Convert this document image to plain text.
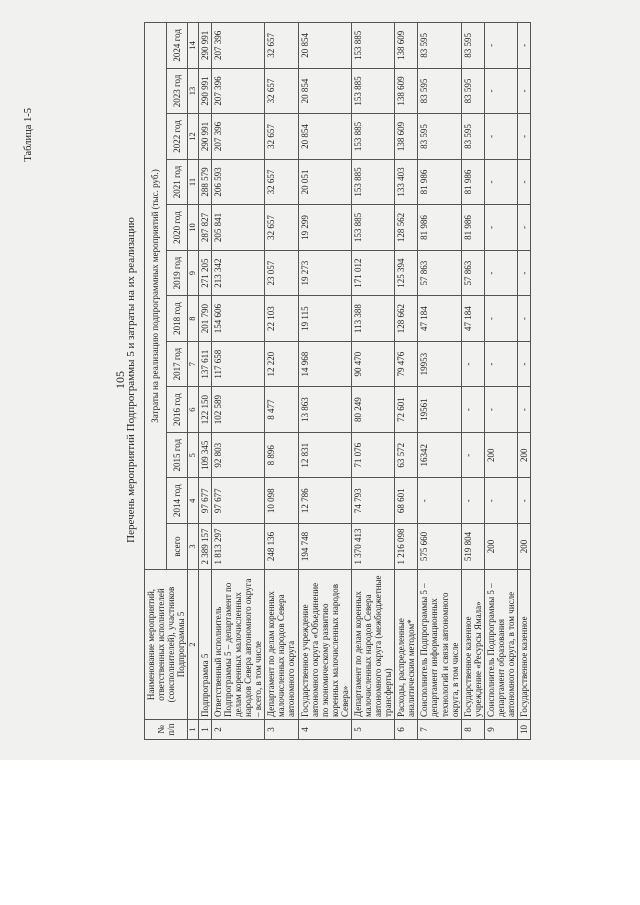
Таблица 1-5
105
Перечень мероприятий Подпрограммы 5 и затраты на их реализацию
№ п/п	Наименование мероприятий, ответственных исполнителей (соисполнителей), участников Подпрограммы 5	Затраты на реализацию подпрограммных мероприятий (тыс. руб.)											
		всего	2014 год	2015 год	2016 год	2017 год	2018 год	2019 год	2020 год	2021 год	2022 год	2023 год	2024 год
1	2	3	4	5	6	7	8	9	10	11	12	13	14
1	Подпрограмма 5	2 389 157	97 677	109 345	122 150	137 611	201 790	271 205	287 827	288 579	290 991	290 991	290 991
2	Ответственный исполнитель Подпрограммы 5 – департамент по делам коренных малочисленных народов Севера автономного округа – всего, в том числе	1 813 297	97 677	92 803	102 589	117 658	154 606	213 342	205 841	206 593	207 396	207 396	207 396
3	Департамент по делам коренных малочисленных народов Севера автономного округа	248 136	10 098	8 896	8 477	12 220	22 103	23 057	32 657	32 657	32 657	32 657	32 657
4	Государственное учреждение автономного округа «Объединение по экономическому развитию коренных малочисленных народов Севера»	194 748	12 786	12 831	13 863	14 968	19 115	19 273	19 299	20 051	20 854	20 854	20 854
5	Департамент по делам коренных малочисленных народов Севера автономного округа (межбюджетные трансферты)	1 370 413	74 793	71 076	80 249	90 470	113 388	171 012	153 885	153 885	153 885	153 885	153 885
6	Расходы, распределенные аналитическим методом*	1 216 098	68 601	63 572	72 601	79 476	128 662	125 394	128 562	133 403	138 609	138 609	138 609
7	Соисполнитель Подпрограммы 5 – департамент информационных технологий и связи автономного округа, в том числе	575 660	-	16342	19561	19953	47 184	57 863	81 986	81 986	83 595	83 595	83 595
8	Государственное казенное учреждение «Ресурсы Ямала»	519 804	-	-	-	-	47 184	57 863	81 986	81 986	83 595	83 595	83 595
9	Соисполнитель Подпрограммы 5 – департамент образования автономного округа, в том числе	200	-	200	-	-	-	-	-	-	-	-	-
10	Государственное казенное	200	-	200	-	-	-	-	-	-	-	-	-
